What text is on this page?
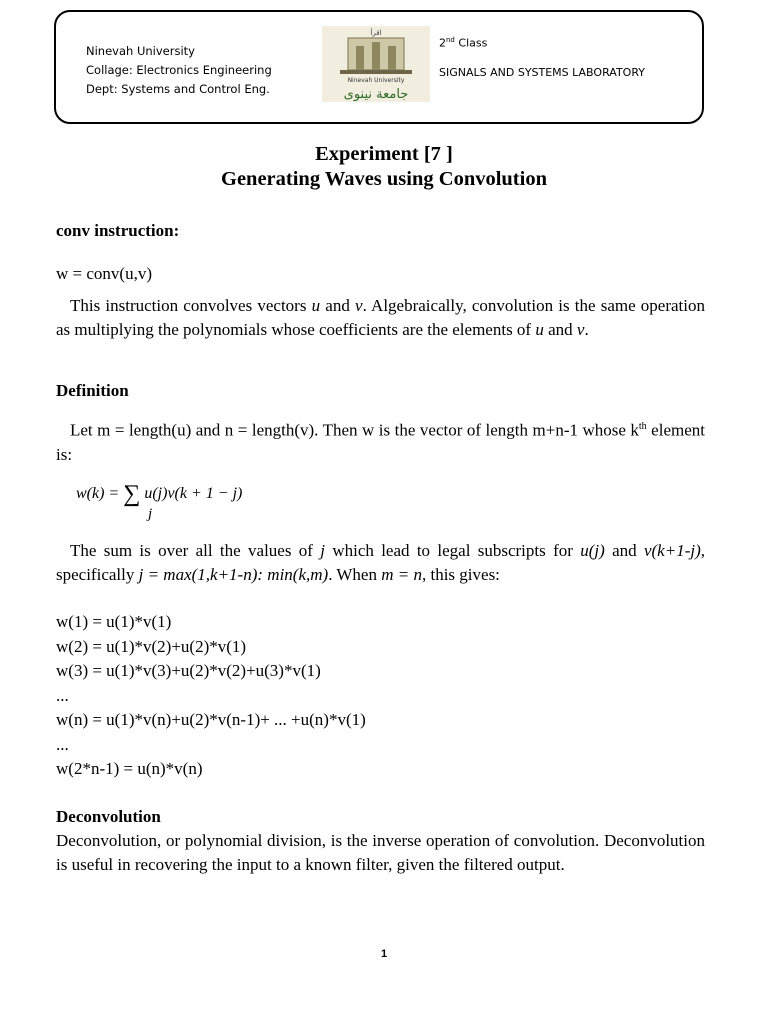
Ninevah University
Collage: Electronics Engineering
Dept: Systems and Control Eng.
اقرأ
Ninevah University
جامعة نينوى
2nd Class
SIGNALS AND SYSTEMS LABORATORY
Experiment [7 ]
Generating Waves using Convolution
conv instruction:
w = conv(u,v)
This instruction convolves vectors u and v. Algebraically, convolution is the same operation as multiplying the polynomials whose coefficients are the elements of u and v.
Definition
Let m = length(u) and n = length(v). Then w is the vector of length m+n-1 whose $k^{th}$ element is:
w(k) = ∑ u(j)v(k + 1 − j)
j
The sum is over all the values of j which lead to legal subscripts for u(j) and v(k+1-j), specifically j = max(1,k+1-n): min(k,m). When m = n, this gives:
w(1) = u(1)*v(1)
w(2) = u(1)*v(2)+u(2)*v(1)
w(3) = u(1)*v(3)+u(2)*v(2)+u(3)*v(1)
...
w(n) = u(1)*v(n)+u(2)*v(n-1)+ ... +u(n)*v(1)
...
w(2*n-1) = u(n)*v(n)
Deconvolution
Deconvolution, or polynomial division, is the inverse operation of convolution. Deconvolution is useful in recovering the input to a known filter, given the filtered output.
1
